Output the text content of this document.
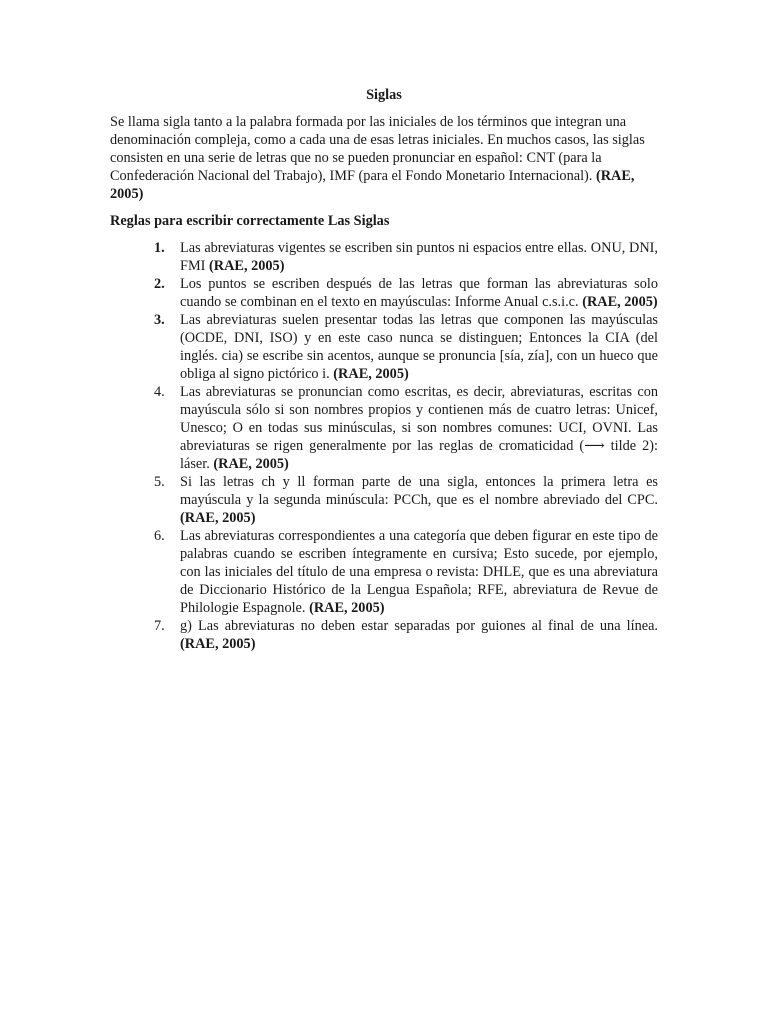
Siglas

Se llama sigla tanto a la palabra formada por las iniciales de los términos que integran una denominación compleja, como a cada una de esas letras iniciales. En muchos casos, las siglas consisten en una serie de letras que no se pueden pronunciar en español: CNT (para la Confederación Nacional del Trabajo), IMF (para el Fondo Monetario Internacional). (RAE, 2005)

Reglas para escribir correctamente Las Siglas
1. Las abreviaturas vigentes se escriben sin puntos ni espacios entre ellas. ONU, DNI, FMI (RAE, 2005)
2. Los puntos se escriben después de las letras que forman las abreviaturas solo cuando se combinan en el texto en mayúsculas: Informe Anual c.s.i.c. (RAE, 2005)
3. Las abreviaturas suelen presentar todas las letras que componen las mayúsculas (OCDE, DNI, ISO) y en este caso nunca se distinguen; Entonces la CIA (del inglés. cia) se escribe sin acentos, aunque se pronuncia [sía, zía], con un hueco que obliga al signo pictórico i. (RAE, 2005)
4. Las abreviaturas se pronuncian como escritas, es decir, abreviaturas, escritas con mayúscula sólo si son nombres propios y contienen más de cuatro letras: Unicef, Unesco; O en todas sus minúsculas, si son nombres comunes: UCI, OVNI. Las abreviaturas se rigen generalmente por las reglas de cromaticidad (⟶ tilde 2): láser. (RAE, 2005)
5. Si las letras ch y ll forman parte de una sigla, entonces la primera letra es mayúscula y la segunda minúscula: PCCh, que es el nombre abreviado del CPC. (RAE, 2005)
6. Las abreviaturas correspondientes a una categoría que deben figurar en este tipo de palabras cuando se escriben íntegramente en cursiva; Esto sucede, por ejemplo, con las iniciales del título de una empresa o revista: DHLE, que es una abreviatura de Diccionario Histórico de la Lengua Española; RFE, abreviatura de Revue de Philologie Espagnole. (RAE, 2005)
7. g) Las abreviaturas no deben estar separadas por guiones al final de una línea. (RAE, 2005)
